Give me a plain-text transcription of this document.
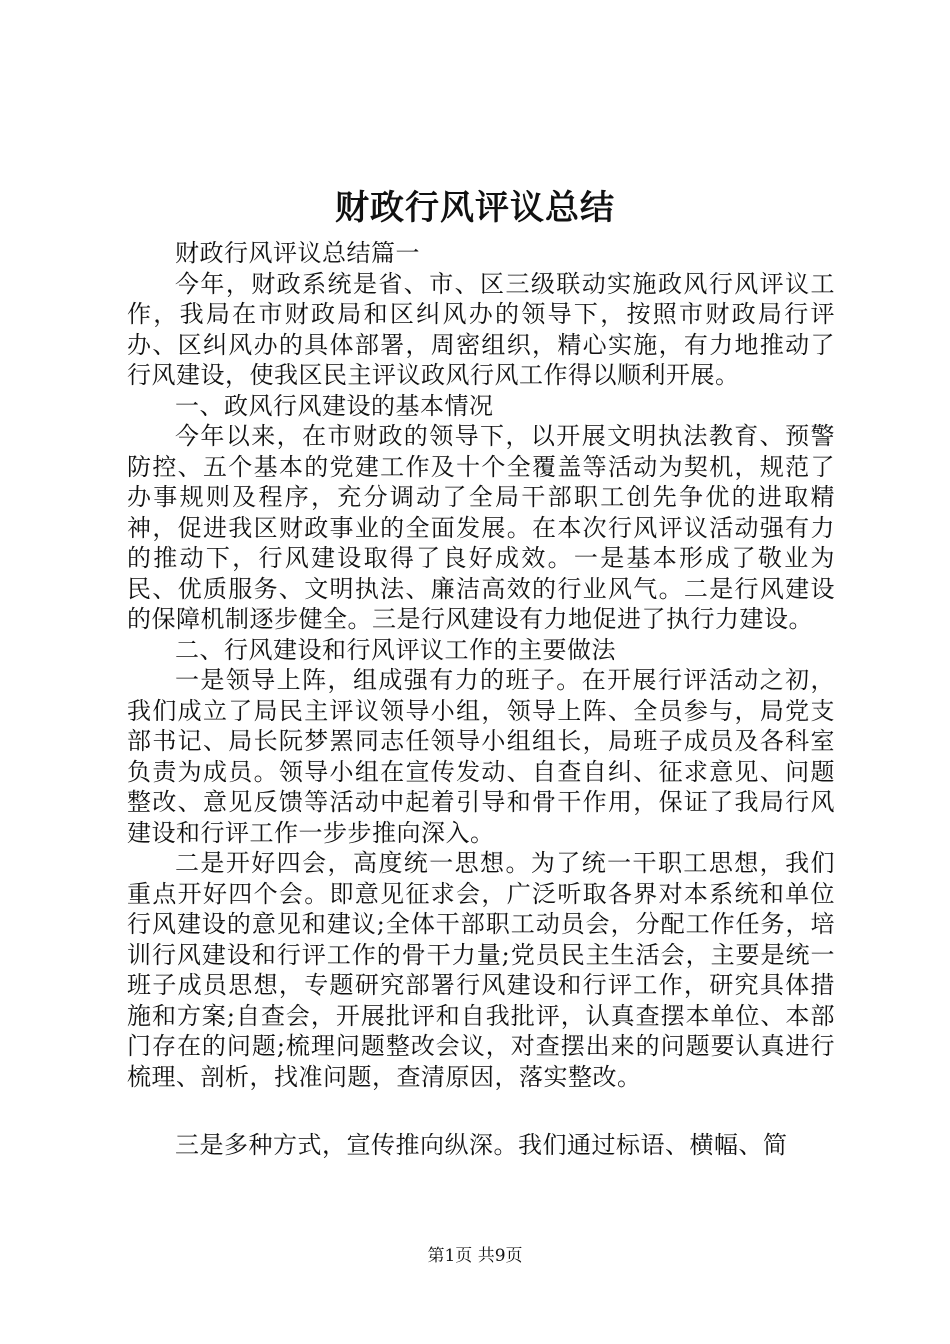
财政行风评议总结

财政行风评议总结篇一

今年，财政系统是省、市、区三级联动实施政风行风评议工作，我局在市财政局和区纠风办的领导下，按照市财政局行评办、区纠风办的具体部署，周密组织，精心实施，有力地推动了行风建设，使我区民主评议政风行风工作得以顺利开展。

一、政风行风建设的基本情况

今年以来，在市财政的领导下，以开展文明执法教育、预警防控、五个基本的党建工作及十个全覆盖等活动为契机，规范了办事规则及程序，充分调动了全局干部职工创先争优的进取精神，促进我区财政事业的全面发展。在本次行风评议活动强有力的推动下，行风建设取得了良好成效。一是基本形成了敬业为民、优质服务、文明执法、廉洁高效的行业风气。二是行风建设的保障机制逐步健全。三是行风建设有力地促进了执行力建设。

二、行风建设和行风评议工作的主要做法

一是领导上阵，组成强有力的班子。在开展行评活动之初，我们成立了局民主评议领导小组，领导上阵、全员参与，局党支部书记、局长阮梦罴同志任领导小组组长，局班子成员及各科室负责为成员。领导小组在宣传发动、自查自纠、征求意见、问题整改、意见反馈等活动中起着引导和骨干作用，保证了我局行风建设和行评工作一步步推向深入。

二是开好四会，高度统一思想。为了统一干职工思想，我们重点开好四个会。即意见征求会，广泛听取各界对本系统和单位行风建设的意见和建议;全体干部职工动员会，分配工作任务，培训行风建设和行评工作的骨干力量;党员民主生活会，主要是统一班子成员思想，专题研究部署行风建设和行评工作，研究具体措施和方案;自查会，开展批评和自我批评，认真查摆本单位、本部门存在的问题;梳理问题整改会议，对查摆出来的问题要认真进行梳理、剖析，找准问题，查清原因，落实整改。

三是多种方式，宣传推向纵深。我们通过标语、横幅、简

第1页 共9页
